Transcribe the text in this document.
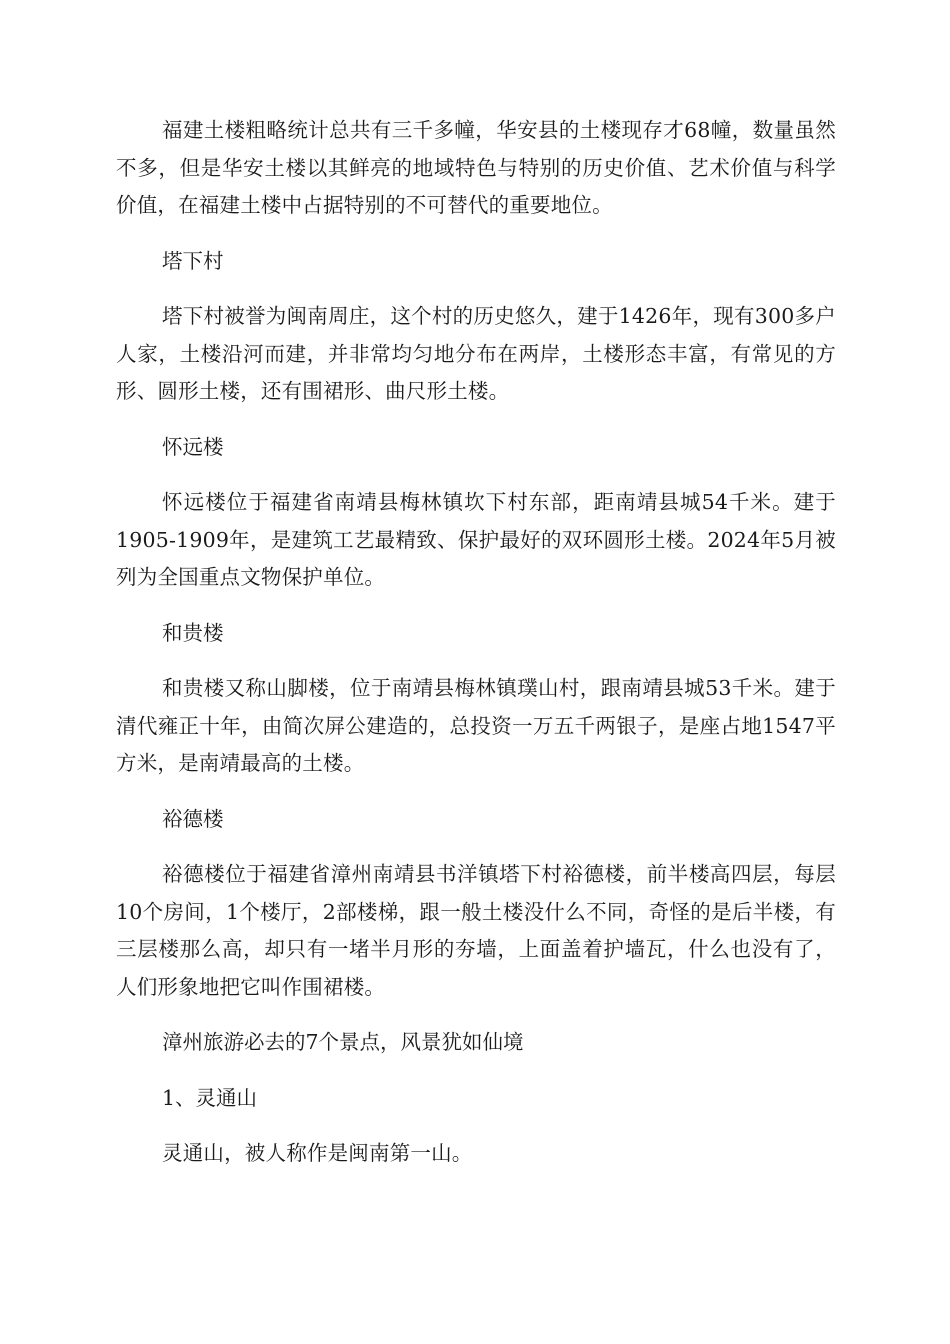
福建土楼粗略统计总共有三千多幢，华安县的土楼现存才68幢，数量虽然不多，但是华安土楼以其鲜亮的地域特色与特别的历史价值、艺术价值与科学价值，在福建土楼中占据特别的不可替代的重要地位。

塔下村

塔下村被誉为闽南周庄，这个村的历史悠久，建于1426年，现有300多户人家，土楼沿河而建，并非常均匀地分布在两岸，土楼形态丰富，有常见的方形、圆形土楼，还有围裙形、曲尺形土楼。

怀远楼

怀远楼位于福建省南靖县梅林镇坎下村东部，距南靖县城54千米。建于1905-1909年，是建筑工艺最精致、保护最好的双环圆形土楼。2024年5月被列为全国重点文物保护单位。

和贵楼

和贵楼又称山脚楼，位于南靖县梅林镇璞山村，跟南靖县城53千米。建于清代雍正十年，由简次屏公建造的，总投资一万五千两银子，是座占地1547平方米，是南靖最高的土楼。

裕德楼

裕德楼位于福建省漳州南靖县书洋镇塔下村裕德楼，前半楼高四层，每层10个房间，1个楼厅，2部楼梯，跟一般土楼没什么不同，奇怪的是后半楼，有三层楼那么高，却只有一堵半月形的夯墙，上面盖着护墙瓦，什么也没有了，人们形象地把它叫作围裙楼。

漳州旅游必去的7个景点，风景犹如仙境

1、灵通山

灵通山，被人称作是闽南第一山。
